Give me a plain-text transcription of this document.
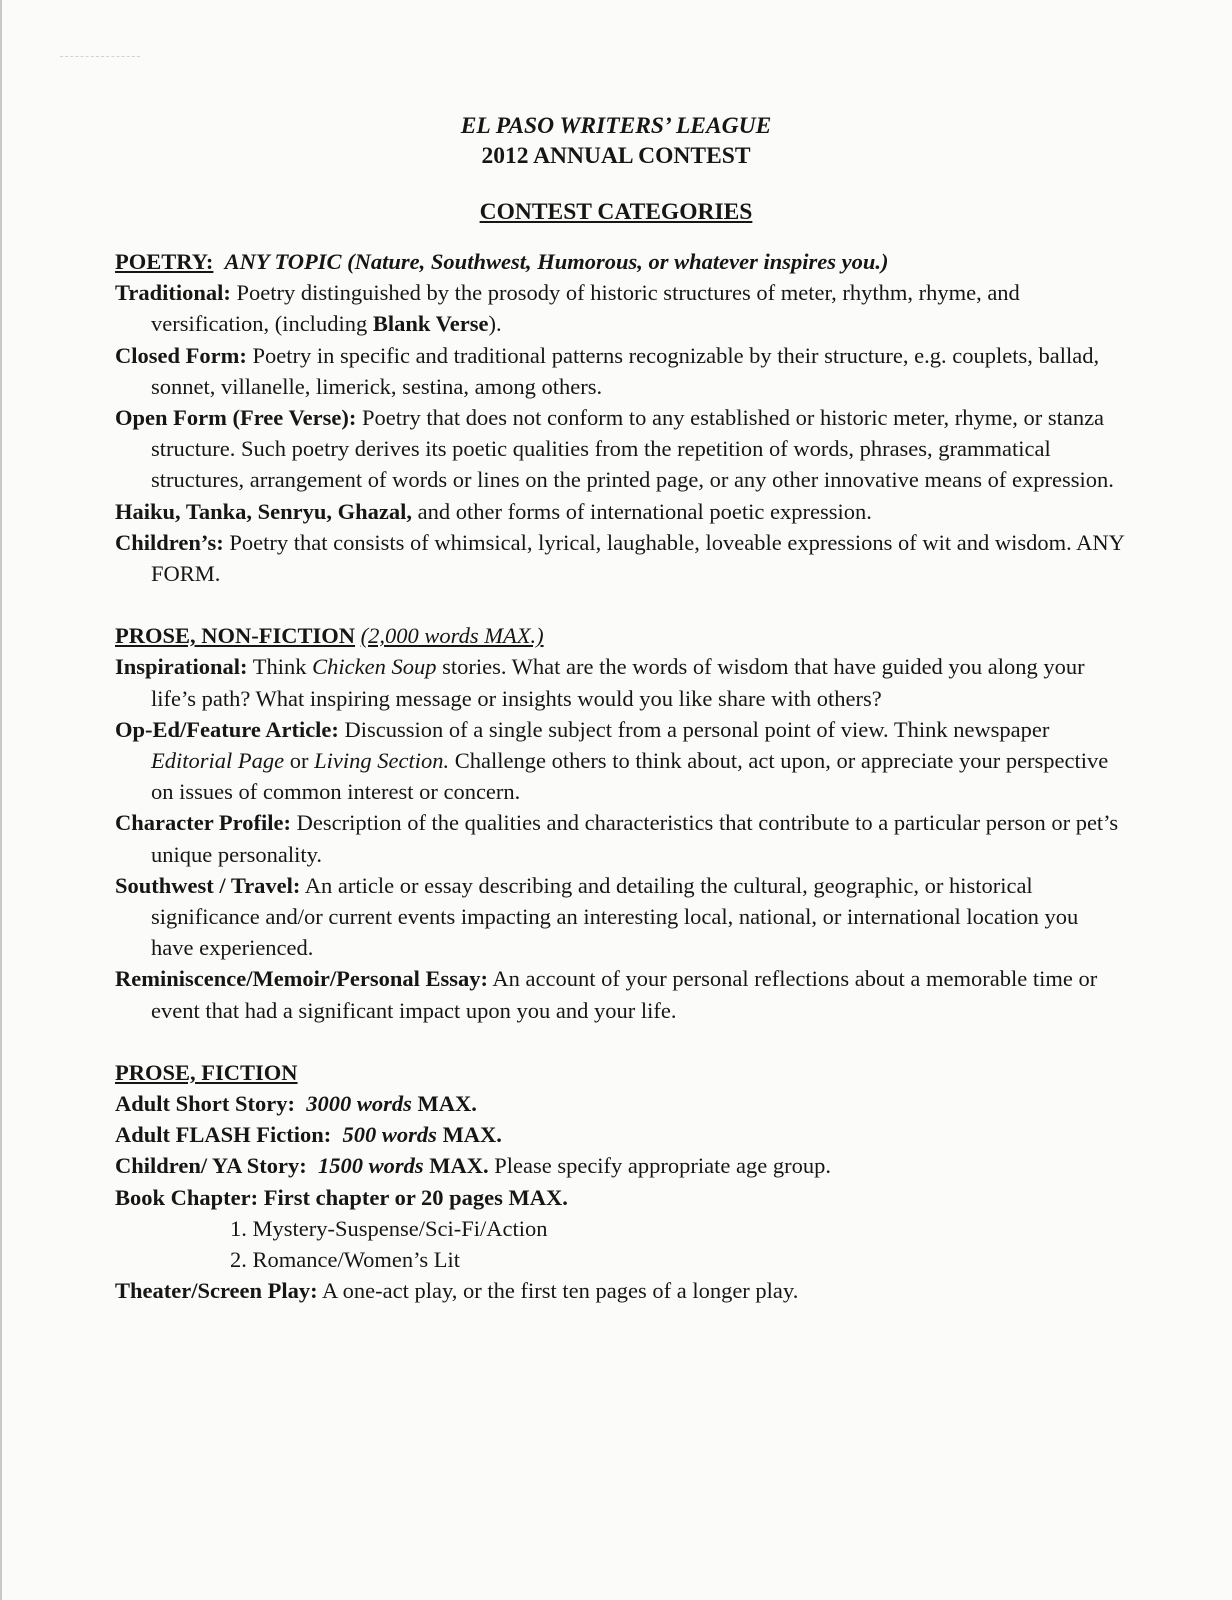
EL PASO WRITERS’ LEAGUE
2012 ANNUAL CONTEST
CONTEST CATEGORIES

POETRY: ANY TOPIC (Nature, Southwest, Humorous, or whatever inspires you.)

Traditional: Poetry distinguished by the prosody of historic structures of meter, rhythm, rhyme, and versification, (including Blank Verse).

Closed Form: Poetry in specific and traditional patterns recognizable by their structure, e.g. couplets, ballad, sonnet, villanelle, limerick, sestina, among others.

Open Form (Free Verse): Poetry that does not conform to any established or historic meter, rhyme, or stanza structure. Such poetry derives its poetic qualities from the repetition of words, phrases, grammatical structures, arrangement of words or lines on the printed page, or any other innovative means of expression.

Haiku, Tanka, Senryu, Ghazal, and other forms of international poetic expression.

Children’s: Poetry that consists of whimsical, lyrical, laughable, loveable expressions of wit and wisdom. ANY FORM.

PROSE, NON-FICTION (2,000 words MAX.)

Inspirational: Think Chicken Soup stories. What are the words of wisdom that have guided you along your life’s path? What inspiring message or insights would you like share with others?

Op-Ed/Feature Article: Discussion of a single subject from a personal point of view. Think newspaper Editorial Page or Living Section. Challenge others to think about, act upon, or appreciate your perspective on issues of common interest or concern.

Character Profile: Description of the qualities and characteristics that contribute to a particular person or pet’s unique personality.

Southwest / Travel: An article or essay describing and detailing the cultural, geographic, or historical significance and/or current events impacting an interesting local, national, or international location you have experienced.

Reminiscence/Memoir/Personal Essay: An account of your personal reflections about a memorable time or event that had a significant impact upon you and your life.

PROSE, FICTION

Adult Short Story: 3000 words MAX.

Adult FLASH Fiction: 500 words MAX.

Children/ YA Story: 1500 words MAX. Please specify appropriate age group.

Book Chapter: First chapter or 20 pages MAX.

1. Mystery-Suspense/Sci-Fi/Action

2. Romance/Women’s Lit

Theater/Screen Play: A one-act play, or the first ten pages of a longer play.
